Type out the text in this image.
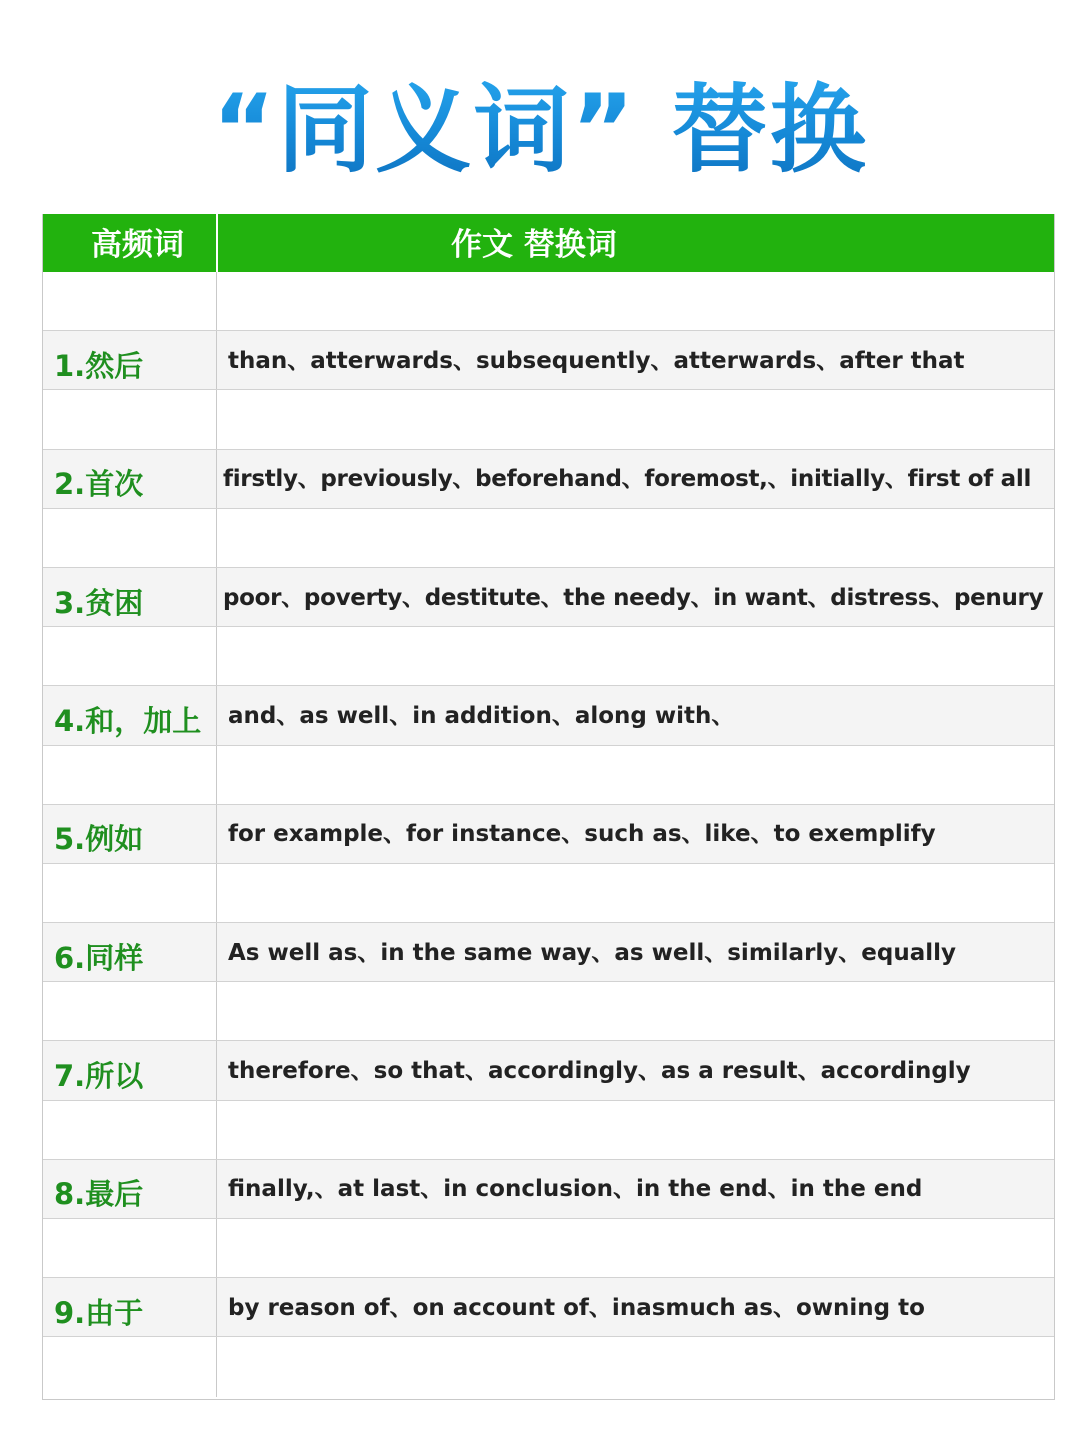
“同义词” 替换
高频词	作文 替换词
1.然后	than、atterwards、subsequently、atterwards、after that
2.首次	firstly、previously、beforehand、foremost,、initially、first of all
3.贫困	poor、poverty、destitute、the needy、in want、distress、penury
4.和，加上	and、as well、in addition、along with、
5.例如	for example、for instance、such as、like、to exemplify
6.同样	As well as、in the same way、as well、similarly、equally
7.所以	therefore、so that、accordingly、as a result、accordingly
8.最后	finally,、at last、in conclusion、in the end、in the end
9.由于	by reason of、on account of、inasmuch as、owning to
